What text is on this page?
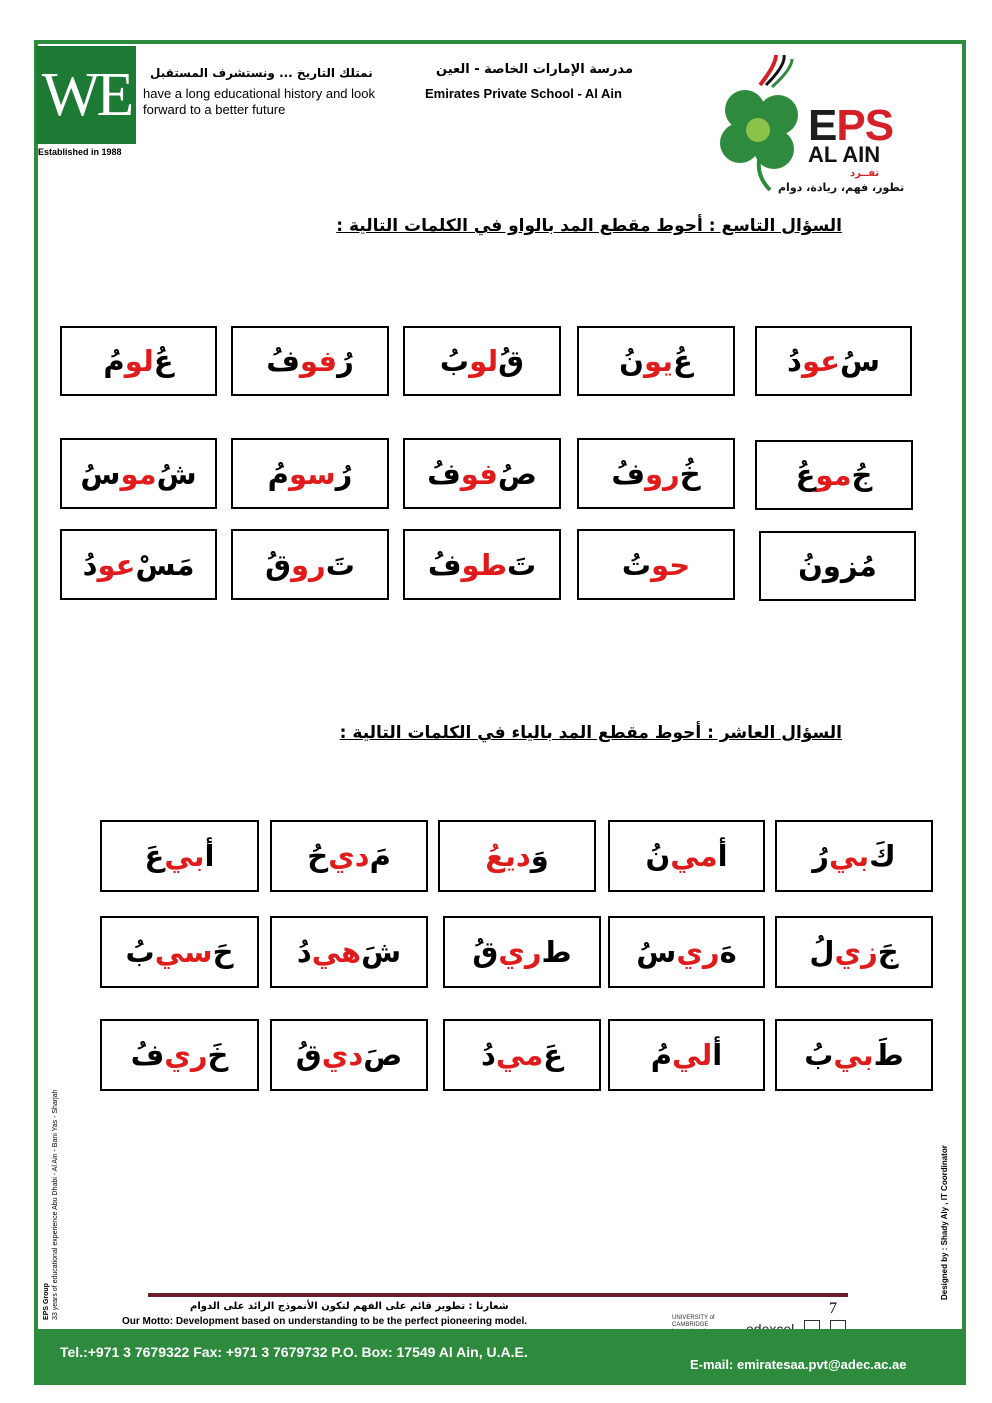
WE
Established in 1988
نمتلك التاريخ ... ونستشرف المستقبل
have a long educational history and look forward to a better future
مدرسة الإمارات الخاصة - العين
Emirates Private School - Al Ain
EPS
AL AIN
تفــرد
تطور، فهم، ريادة، دوام
السؤال التاسع : أحوط مقطع المد بالواو في الكلمات التالية :
السؤال العاشر : أحوط مقطع المد بالياء في الكلمات التالية :
عُ
لو
مُ	رُ
فو
فُ	قُ
لو
بُ	عُ
يو
نُ	سُ
عو
دُ
شُ
مو
سُ	رُ
سو
مُ	صُ
فو
فُ	خُ
رو
فُ	جُ
مو
عُ
مَسْ
عو
دُ	تَ
رو
قُ	تَ
طو
فُ	حو
تُ	مُزونُ
أ
بي
عَ	مَ
دي
حُ	وَ
ديعُ	أ
مي
نُ	كَ
بي
رُ
حَ
سي
بُ	شَ
هي
دُ	ط
ري
قُ	هَ
ري
سُ	جَ
زي
لُ
خَ
ري
فُ	صَ
دي
قُ	عَ
مي
دُ	أ
لي
مُ	طَ
بي
بُ
7
شعارنا : تطوير قائم على الفهم لتكون الأنموذج الرائد على الدوام
Our Motto: Development based on understanding to be the perfect pioneering model.	UNIVERSITY of CAMBRIDGE
Tel.:+971 3 7679322 Fax: +971 3 7679732 P.O. Box: 17549 Al Ain, U.A.E.
E-mail: emiratesaa.pvt@adec.ac.ae
EPS Group 33 years of educational experience Abu Dhabi - Al Ain - Bani Yas - Sharjah	Designed by : Shady Aly , IT Coordinator
